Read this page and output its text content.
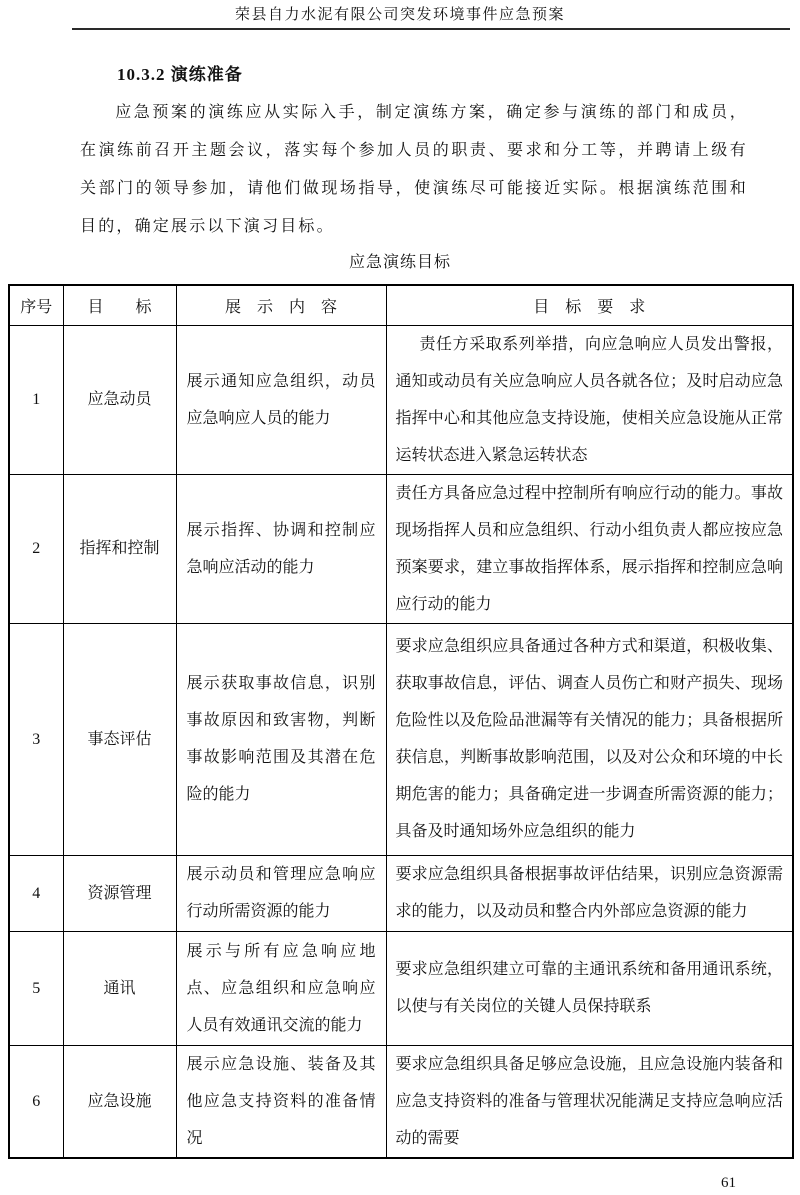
荣县自力水泥有限公司突发环境事件应急预案
10.3.2 演练准备

应急预案的演练应从实际入手，制定演练方案，确定参与演练的部门和成员，在演练前召开主题会议，落实每个参加人员的职责、要求和分工等，并聘请上级有关部门的领导参加，请他们做现场指导，使演练尽可能接近实际。根据演练范围和目的，确定展示以下演习目标。

应急演练目标
序号	目　　标	展　示　内　容	目　标　要　求
1	应急动员	展示通知应急组织，动员应急响应人员的能力	责任方采取系列举措，向应急响应人员发出警报，通知或动员有关应急响应人员各就各位；及时启动应急指挥中心和其他应急支持设施，使相关应急设施从正常运转状态进入紧急运转状态
2	指挥和控制	展示指挥、协调和控制应急响应活动的能力	责任方具备应急过程中控制所有响应行动的能力。事故现场指挥人员和应急组织、行动小组负责人都应按应急预案要求，建立事故指挥体系，展示指挥和控制应急响应行动的能力
3	事态评估	展示获取事故信息，识别事故原因和致害物，判断事故影响范围及其潜在危险的能力	要求应急组织应具备通过各种方式和渠道，积极收集、获取事故信息，评估、调查人员伤亡和财产损失、现场危险性以及危险品泄漏等有关情况的能力；具备根据所获信息，判断事故影响范围，以及对公众和环境的中长期危害的能力；具备确定进一步调查所需资源的能力；具备及时通知场外应急组织的能力
4	资源管理	展示动员和管理应急响应行动所需资源的能力	要求应急组织具备根据事故评估结果，识别应急资源需求的能力，以及动员和整合内外部应急资源的能力
5	通讯	展示与所有应急响应地点、应急组织和应急响应人员有效通讯交流的能力	要求应急组织建立可靠的主通讯系统和备用通讯系统，以使与有关岗位的关键人员保持联系
6	应急设施	展示应急设施、装备及其他应急支持资料的准备情况	要求应急组织具备足够应急设施，且应急设施内装备和应急支持资料的准备与管理状况能满足支持应急响应活动的需要
61
